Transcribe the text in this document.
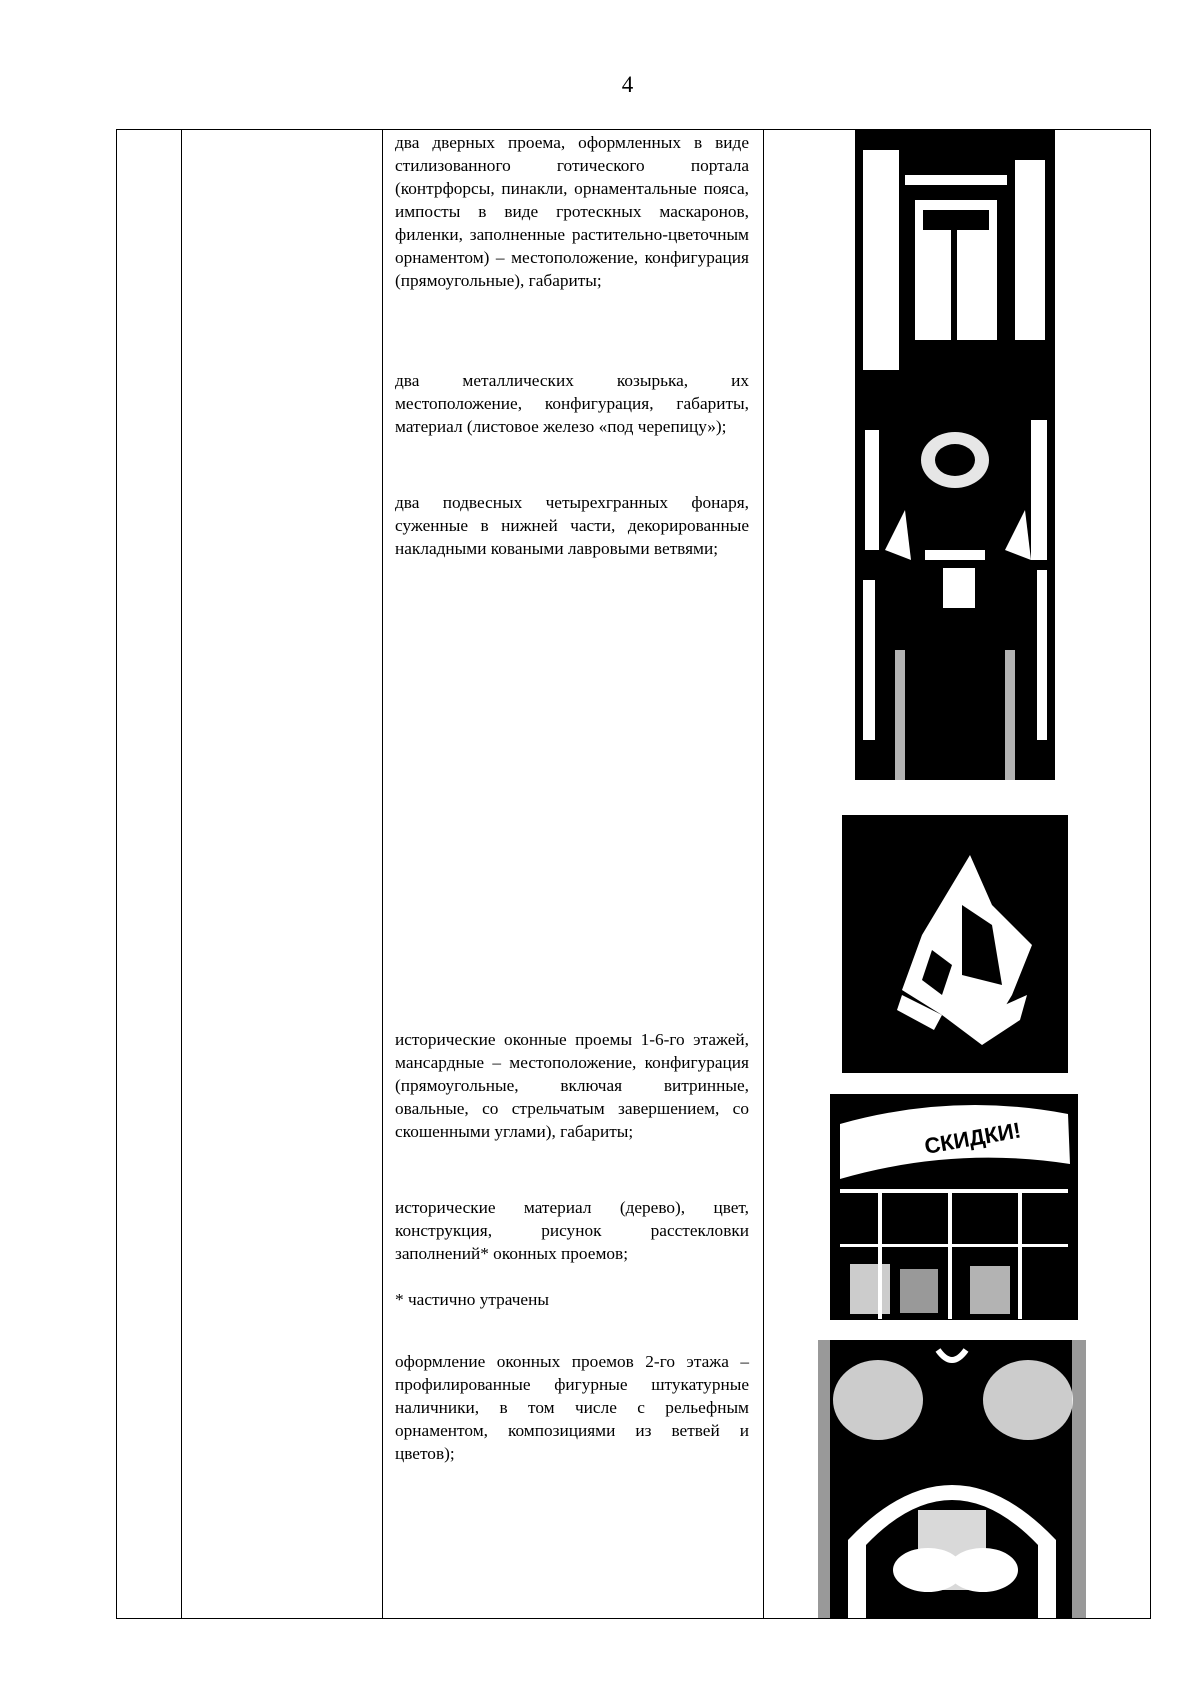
4
два дверных проема, оформленных в виде стилизованного готического портала (контрфорсы, пинакли, орнаментальные пояса, импосты в виде гротескных маскаронов, филенки, заполненные растительно-цветочным орнаментом) – местоположение, конфигурация (прямоугольные), габариты;
два металлических козырька, их местоположение, конфигурация, габариты, материал (листовое железо «под черепицу»);
два подвесных четырехгранных фонаря, суженные в нижней части, декорированные накладными коваными лавровыми ветвями;
исторические оконные проемы 1-6-го этажей, мансардные – местоположение, конфигурация (прямоугольные, включая витринные, овальные, со стрельчатым завершением, со скошенными углами), габариты;
исторические материал (дерево), цвет, конструкция, рисунок расстекловки заполнений* оконных проемов;
* частично утрачены
оформление оконных проемов 2-го этажа – профилированные фигурные штукатурные наличники, в том числе с рельефным орнаментом, композициями из ветвей и цветов);
СКИДКИ!
ПОДАРКИ
